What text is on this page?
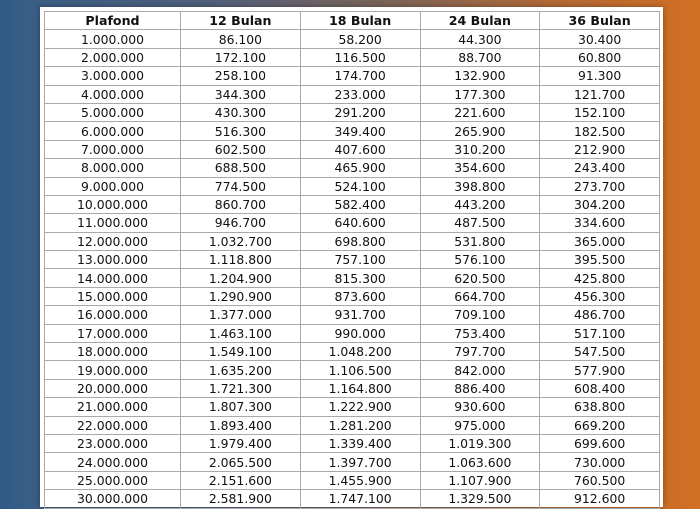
Plafond	12 Bulan	18 Bulan	24 Bulan	36 Bulan
1.000.000	86.100	58.200	44.300	30.400
2.000.000	172.100	116.500	88.700	60.800
3.000.000	258.100	174.700	132.900	91.300
4.000.000	344.300	233.000	177.300	121.700
5.000.000	430.300	291.200	221.600	152.100
6.000.000	516.300	349.400	265.900	182.500
7.000.000	602.500	407.600	310.200	212.900
8.000.000	688.500	465.900	354.600	243.400
9.000.000	774.500	524.100	398.800	273.700
10.000.000	860.700	582.400	443.200	304.200
11.000.000	946.700	640.600	487.500	334.600
12.000.000	1.032.700	698.800	531.800	365.000
13.000.000	1.118.800	757.100	576.100	395.500
14.000.000	1.204.900	815.300	620.500	425.800
15.000.000	1.290.900	873.600	664.700	456.300
16.000.000	1.377.000	931.700	709.100	486.700
17.000.000	1.463.100	990.000	753.400	517.100
18.000.000	1.549.100	1.048.200	797.700	547.500
19.000.000	1.635.200	1.106.500	842.000	577.900
20.000.000	1.721.300	1.164.800	886.400	608.400
21.000.000	1.807.300	1.222.900	930.600	638.800
22.000.000	1.893.400	1.281.200	975.000	669.200
23.000.000	1.979.400	1.339.400	1.019.300	699.600
24.000.000	2.065.500	1.397.700	1.063.600	730.000
25.000.000	2.151.600	1.455.900	1.107.900	760.500
30.000.000	2.581.900	1.747.100	1.329.500	912.600
